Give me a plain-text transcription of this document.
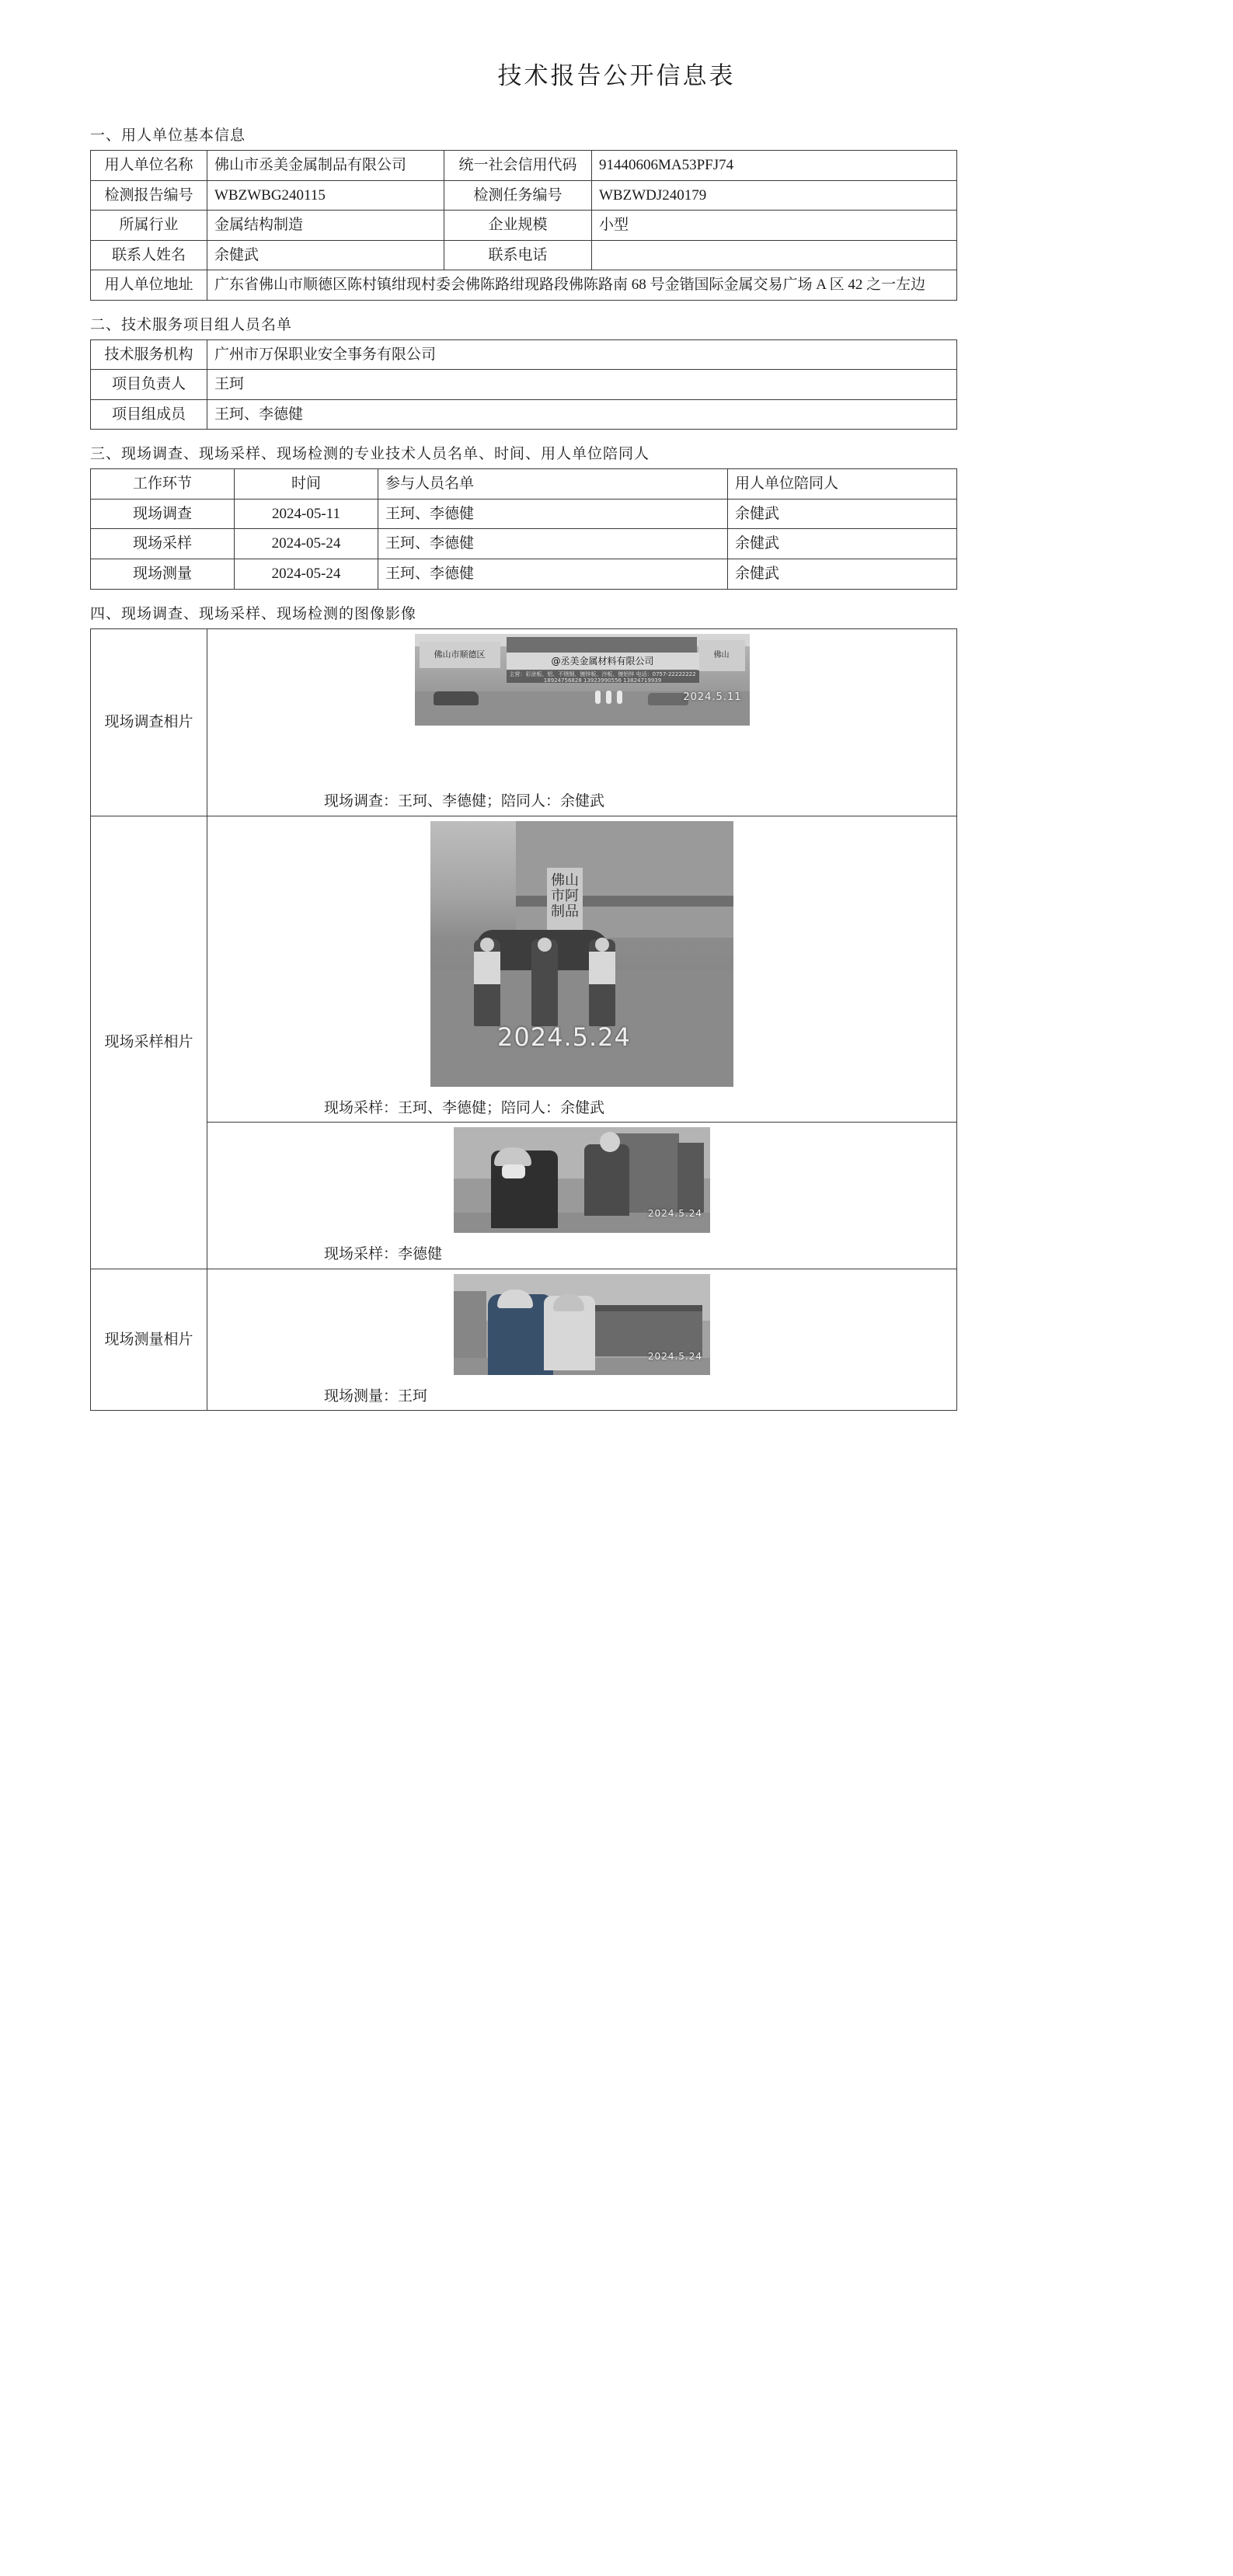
技术报告公开信息表
一、用人单位基本信息
用人单位名称	佛山市丞美金属制品有限公司	统一社会信用代码	91440606MA53PFJ74
检测报告编号	WBZWBG240115	检测任务编号	WBZWDJ240179
所属行业	金属结构制造	企业规模	小型
联系人姓名	余健武	联系电话	
用人单位地址	广东省佛山市顺德区陈村镇绀现村委会佛陈路绀现路段佛陈路南 68 号金锴国际金属交易广场 A 区 42 之一左边		
二、技术服务项目组人员名单
技术服务机构	广州市万保职业安全事务有限公司
项目负责人	王珂
项目组成员	王珂、李德健
三、现场调查、现场采样、现场检测的专业技术人员名单、时间、用人单位陪同人
工作环节	时间	参与人员名单	用人单位陪同人
现场调查	2024-05-11	王珂、李德健	余健武
现场采样	2024-05-24	王珂、李德健	余健武
现场测量	2024-05-24	王珂、李德健	余健武
四、现场调查、现场采样、现场检测的图像影像
现场调查相片	
佛山市顺德区	佛山
@丞美金属材料有限公司
主营：彩涂板、铝、不锈钢、镀锌板、冷板、镀铝锌 电话：0757-22222222 18924756828 13923990556 13824719939
2024.5.11
现场调查：王珂、李德健；陪同人：余健武

现场采样相片	佛山市阿制品
2024.5.24
现场采样：王珂、李德健；陪同人：余健武
2024.5.24
现场采样：李德健

现场测量相片	2024.5.24
现场测量：王珂
